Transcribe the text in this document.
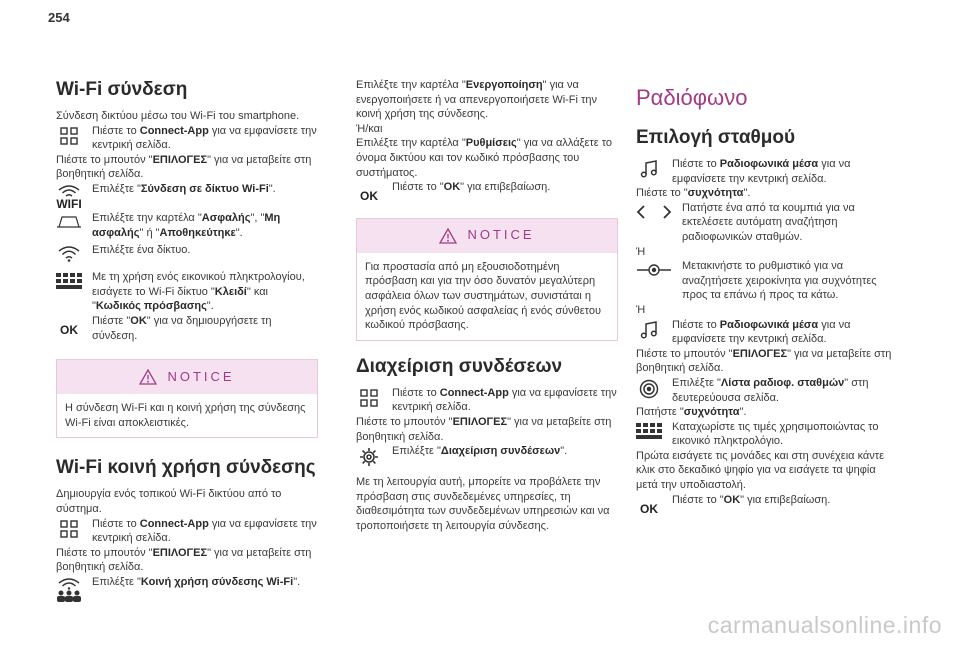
254
Wi-Fi σύνδεση

Σύνδεση δικτύου μέσω του Wi-Fi του smartphone.

Πιέστε το Connect-App για να εμφανίσετε την κεντρική σελίδα.

Πιέστε το μπουτόν "ΕΠΙΛΟΓΕΣ" για να μεταβείτε στη βοηθητική σελίδα.

WIFI

Επιλέξτε "Σύνδεση σε δίκτυο Wi-Fi".

Επιλέξτε την καρτέλα "Ασφαλής", "Μη ασφαλής" ή "Αποθηκεύτηκε".

Επιλέξτε ένα δίκτυο.

Με τη χρήση ενός εικονικού πληκτρολογίου, εισάγετε το Wi-Fi δίκτυο "Κλειδί" και "Κωδικός πρόσβασης".

OK

Πιέστε "OK" για να δημιουργήσετε τη σύνδεση.

NOTICE
Η σύνδεση Wi-Fi και η κοινή χρήση της σύνδεσης Wi-Fi είναι αποκλειστικές.
Wi-Fi κοινή χρήση σύνδεσης

Δημιουργία ενός τοπικού Wi-Fi δικτύου από το σύστημα.

Πιέστε το Connect-App για να εμφανίσετε την κεντρική σελίδα.

Πιέστε το μπουτόν "ΕΠΙΛΟΓΕΣ" για να μεταβείτε στη βοηθητική σελίδα.

Επιλέξτε "Κοινή χρήση σύνδεσης Wi-Fi".

Επιλέξτε την καρτέλα "Ενεργοποίηση" για να ενεργοποιήσετε ή να απενεργοποιήσετε Wi-Fi την κοινή χρήση της σύνδεσης.

Ή/και

Επιλέξτε την καρτέλα "Ρυθμίσεις" για να αλλάξετε το όνομα δικτύου και τον κωδικό πρόσβασης του συστήματος.

OK

Πιέστε το "OK" για επιβεβαίωση.

NOTICE
Για προστασία από μη εξουσιοδοτημένη πρόσβαση και για την όσο δυνατόν μεγαλύτερη ασφάλεια όλων των συστημάτων, συνιστάται η χρήση ενός κωδικού ασφαλείας ή ενός σύνθετου κωδικού πρόσβασης.
Διαχείριση συνδέσεων

Πιέστε το Connect-App για να εμφανίσετε την κεντρική σελίδα.

Πιέστε το μπουτόν "ΕΠΙΛΟΓΕΣ" για να μεταβείτε στη βοηθητική σελίδα.

Επιλέξτε "Διαχείριση συνδέσεων".

Με τη λειτουργία αυτή, μπορείτε να προβάλετε την πρόσβαση στις συνδεδεμένες υπηρεσίες, τη διαθεσιμότητα των συνδεδεμένων υπηρεσιών και να τροποποιήσετε τη λειτουργία σύνδεσης.

Ραδιόφωνο
Επιλογή σταθμού

Πιέστε το Ραδιοφωνικά μέσα για να εμφανίσετε την κεντρική σελίδα.

Πιέστε το "συχνότητα".

Πατήστε ένα από τα κουμπιά για να εκτελέσετε αυτόματη αναζήτηση ραδιοφωνικών σταθμών.

Ή

Μετακινήστε το ρυθμιστικό για να αναζητήσετε χειροκίνητα για συχνότητες προς τα επάνω ή προς τα κάτω.

Ή

Πιέστε το Ραδιοφωνικά μέσα για να εμφανίσετε την κεντρική σελίδα.

Πιέστε το μπουτόν "ΕΠΙΛΟΓΕΣ" για να μεταβείτε στη βοηθητική σελίδα.

Επιλέξτε "Λίστα ραδιοφ. σταθμών" στη δευτερεύουσα σελίδα.

Πατήστε "συχνότητα".

Καταχωρίστε τις τιμές χρησιμοποιώντας το εικονικό πληκτρολόγιο.

Πρώτα εισάγετε τις μονάδες και στη συνέχεια κάντε κλικ στο δεκαδικό ψηφίο για να εισάγετε τα ψηφία μετά την υποδιαστολή.

OK

Πιέστε το "OK" για επιβεβαίωση.

carmanualsonline.info
